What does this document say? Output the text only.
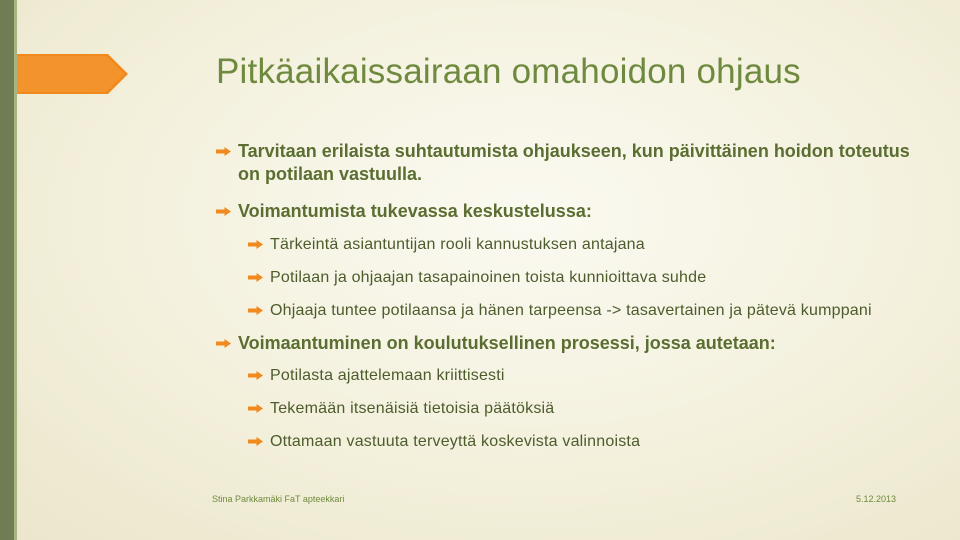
Pitkäaikaissairaan omahoidon ohjaus
Tarvitaan erilaista suhtautumista ohjaukseen, kun päivittäinen hoidon toteutus on potilaan vastuulla.
Voimantumista tukevassa keskustelussa:
Tärkeintä asiantuntijan rooli kannustuksen antajana
Potilaan ja ohjaajan tasapainoinen toista kunnioittava suhde
Ohjaaja tuntee potilaansa ja hänen tarpeensa -> tasavertainen ja pätevä kumppani
Voimaantuminen on koulutuksellinen prosessi, jossa autetaan:
Potilasta ajattelemaan kriittisesti
Tekemään itsenäisiä tietoisia päätöksiä
Ottamaan vastuuta terveyttä koskevista valinnoista
Stina Parkkamäki FaT apteekkari	5.12.2013
